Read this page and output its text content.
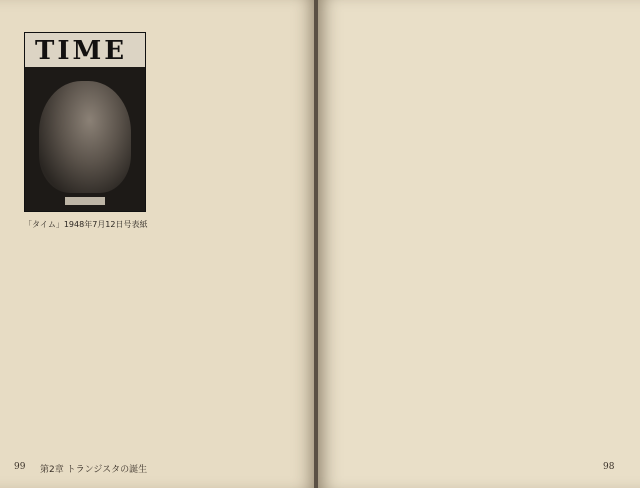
TIME
「タイム」1948年7月12日号表紙
99 第2章 トランジスタの誕生	98
